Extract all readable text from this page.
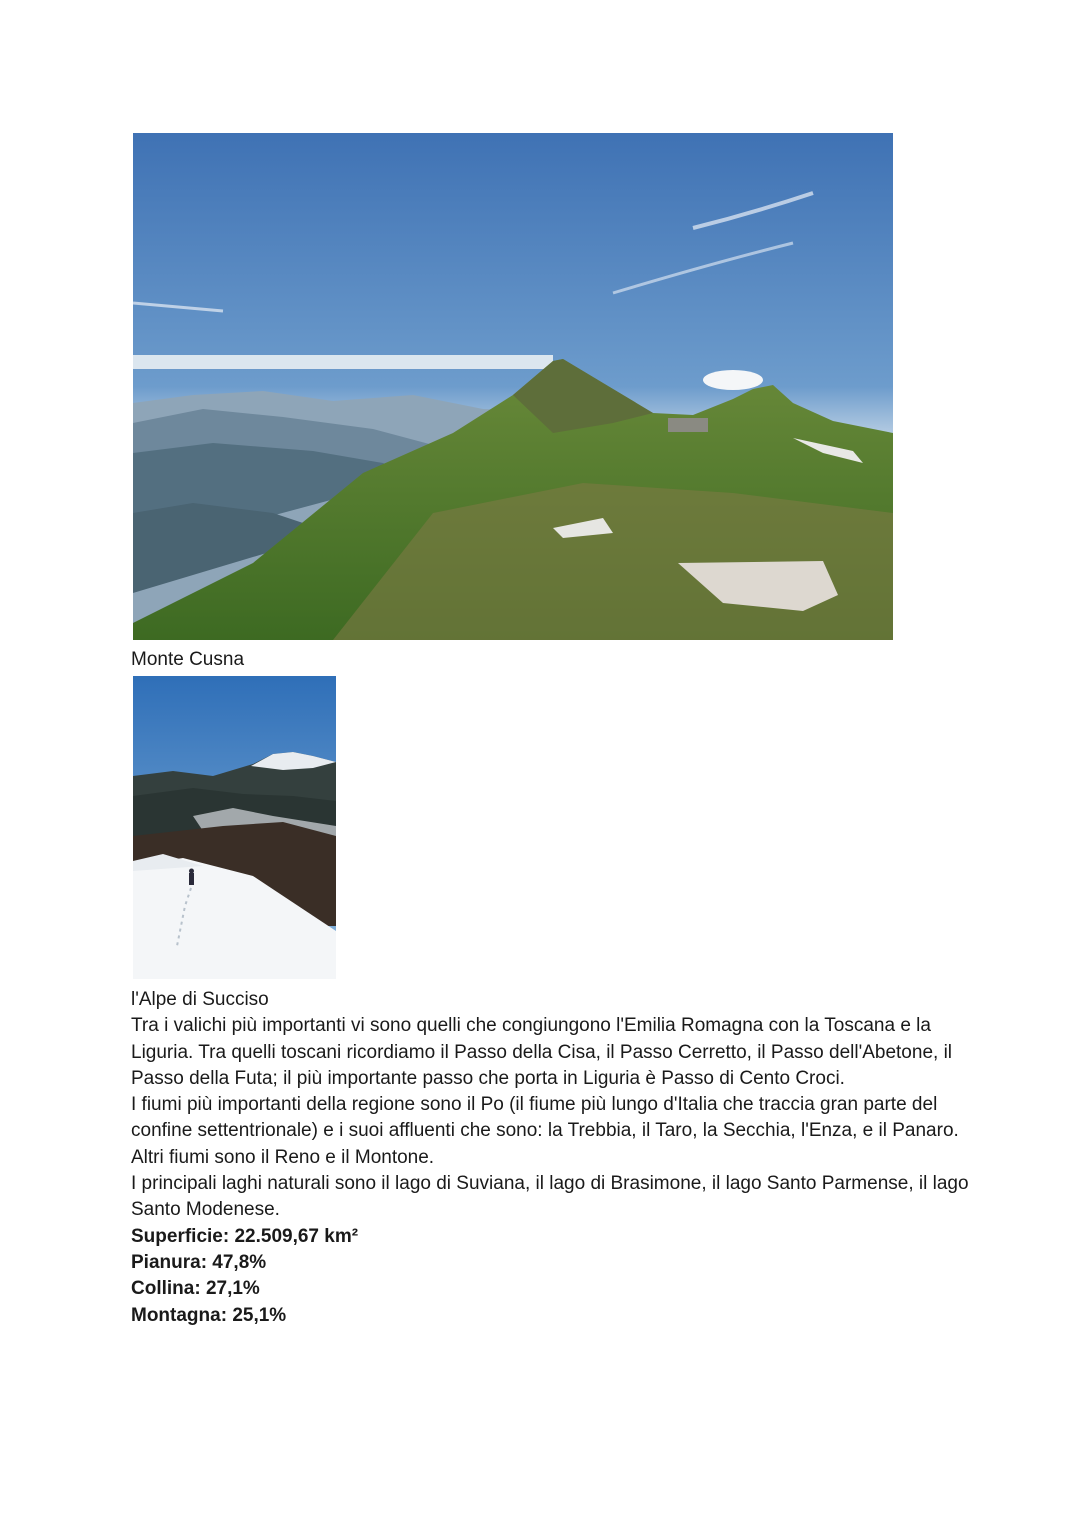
Monte Cusna

l'Alpe di Succiso

Tra i valichi più importanti vi sono quelli che congiungono l'Emilia Romagna con la Toscana e la Liguria. Tra quelli toscani ricordiamo il Passo della Cisa, il Passo Cerretto, il Passo dell'Abetone, il Passo della Futa; il più importante passo che porta in Liguria è Passo di Cento Croci.

I fiumi più importanti della regione sono il Po (il fiume più lungo d'Italia che traccia gran parte del confine settentrionale) e i suoi affluenti che sono: la Trebbia, il Taro, la Secchia, l'Enza, e il Panaro. Altri fiumi sono il Reno e il Montone.

I principali laghi naturali sono il lago di Suviana, il lago di Brasimone, il lago Santo Parmense, il lago Santo Modenese.

Superficie: 22.509,67 km²

Pianura: 47,8%

Collina: 27,1%

Montagna: 25,1%
